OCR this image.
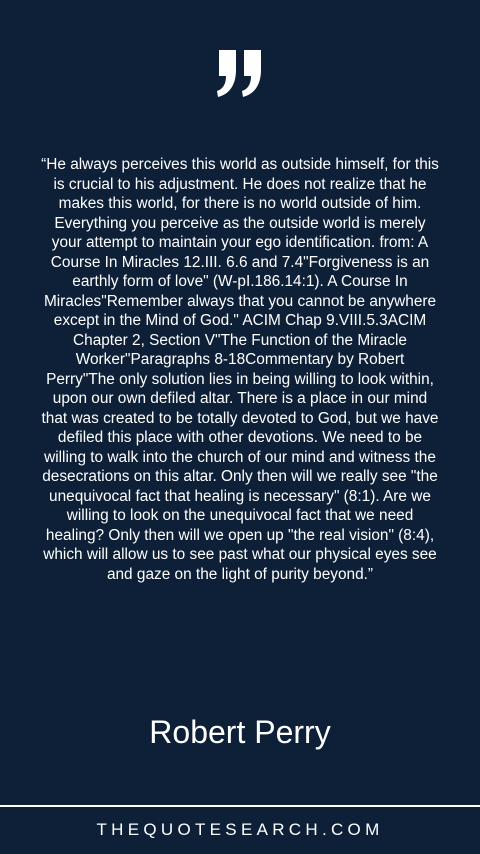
“He always perceives this world as outside himself, for this is crucial to his adjustment. He does not realize that he makes this world, for there is no world outside of him. Everything you perceive as the outside world is merely your attempt to maintain your ego identification. from: A Course In Miracles 12.III. 6.6 and 7.4"Forgiveness is an earthly form of love" (W-pI.186.14:1). A Course In Miracles"Remember always that you cannot be anywhere except in the Mind of God." ACIM Chap 9.VIII.5.3ACIM Chapter 2, Section V"The Function of the Miracle Worker"Paragraphs 8-18Commentary by Robert Perry"The only solution lies in being willing to look within, upon our own defiled altar. There is a place in our mind that was created to be totally devoted to God, but we have defiled this place with other devotions. We need to be willing to walk into the church of our mind and witness the desecrations on this altar. Only then will we really see "the unequivocal fact that healing is necessary" (8:1). Are we willing to look on the unequivocal fact that we need healing? Only then will we open up "the real vision" (8:4), which will allow us to see past what our physical eyes see and gaze on the light of purity beyond.”

Robert Perry
THEQUOTESEARCH.COM
